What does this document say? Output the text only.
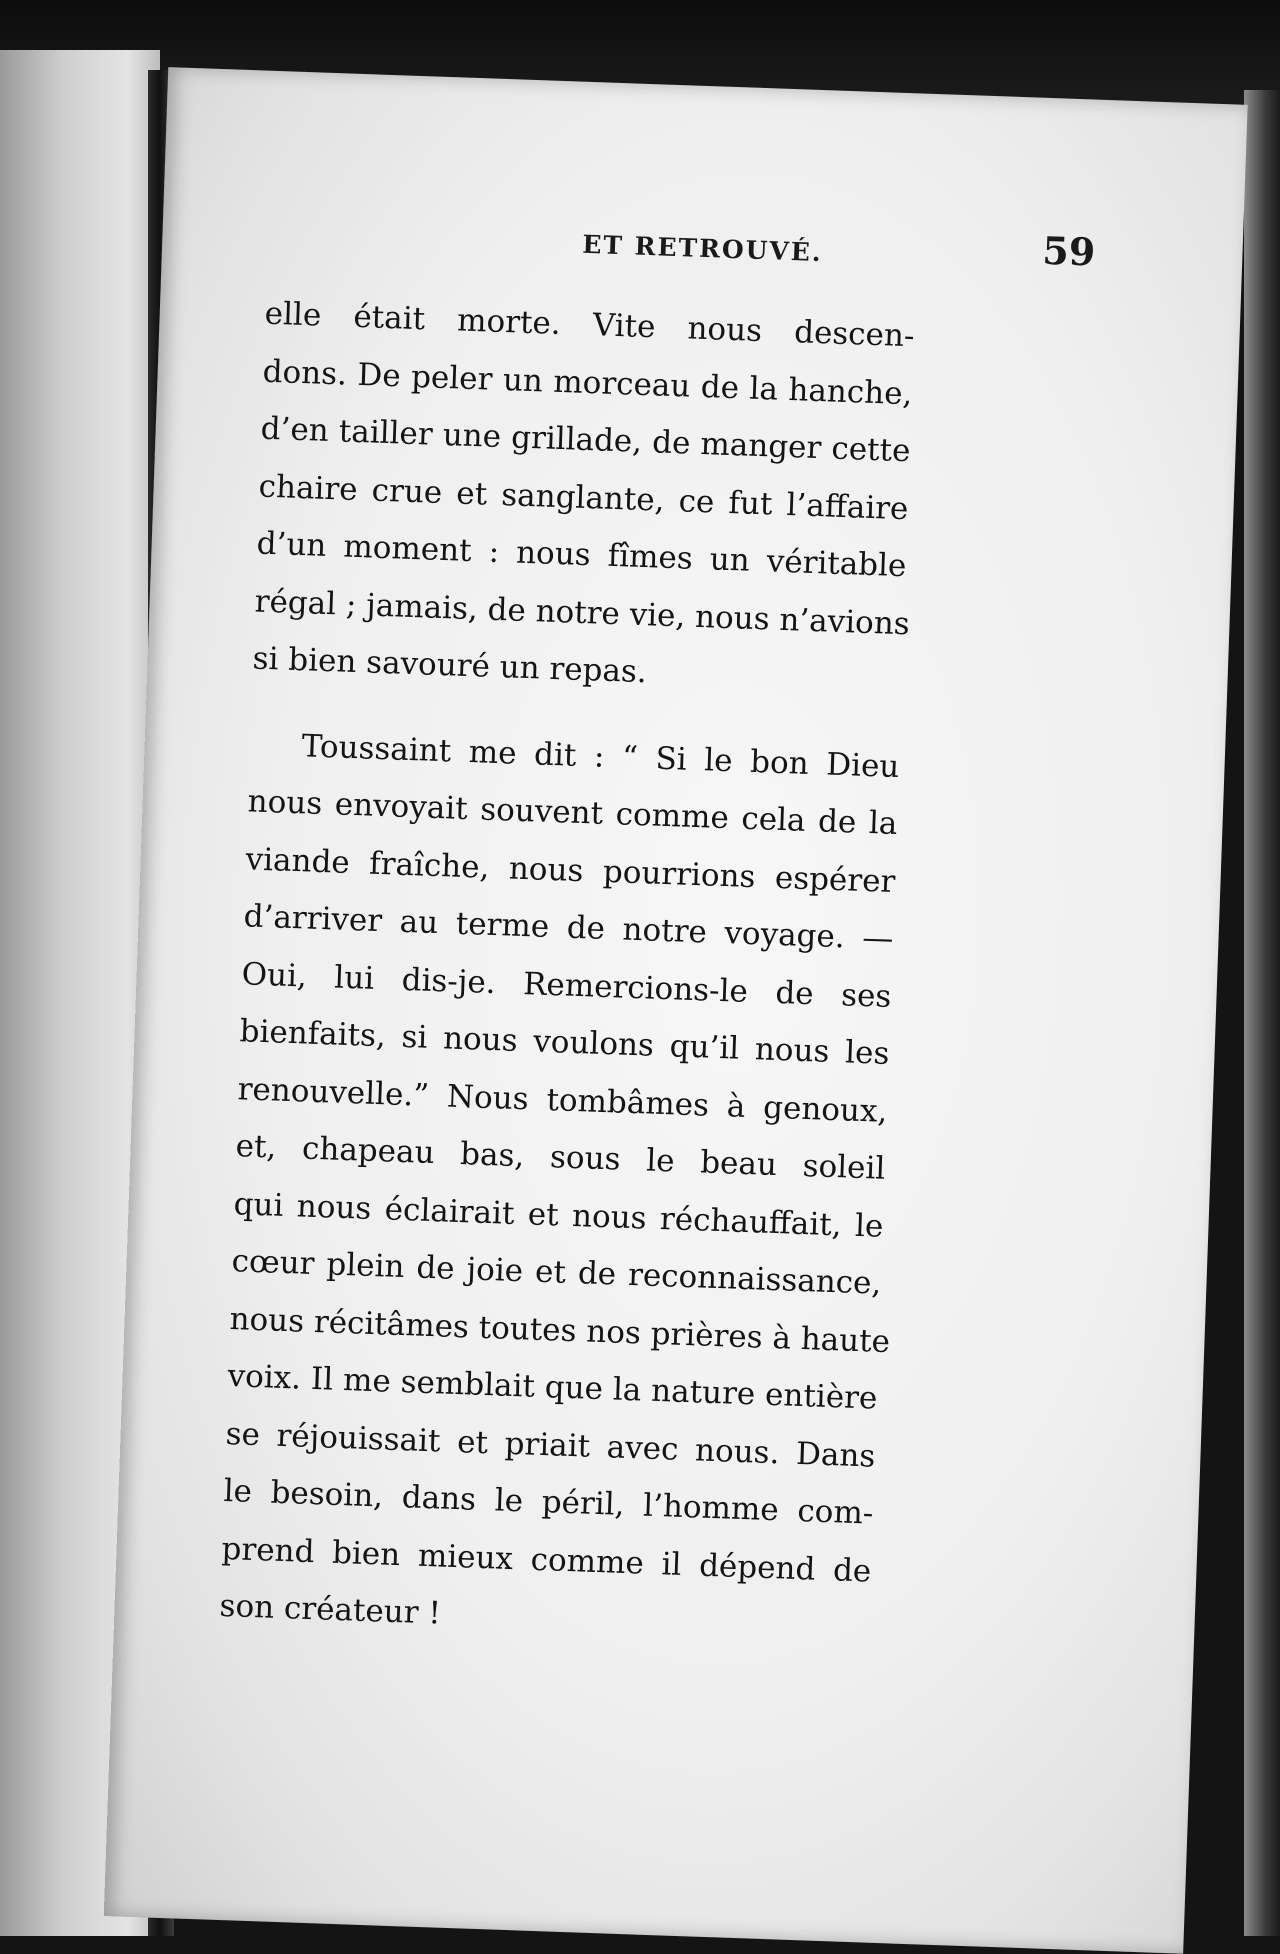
ET RETROUVÉ.	59
elle était morte. Vite nous descen-
dons. De peler un morceau de la hanche,
d’en tailler une grillade, de manger cette
chaire crue et sanglante, ce fut l’affaire
d’un moment : nous fîmes un véritable
régal ; jamais, de notre vie, nous n’avions
si bien savouré un repas.
Toussaint me dit : “ Si le bon Dieu
nous envoyait souvent comme cela de la
viande fraîche, nous pourrions espérer
d’arriver au terme de notre voyage. —
Oui, lui dis-je. Remercions-le de ses
bienfaits, si nous voulons qu’il nous les
renouvelle.” Nous tombâmes à genoux,
et, chapeau bas, sous le beau soleil
qui nous éclairait et nous réchauffait, le
cœur plein de joie et de reconnaissance,
nous récitâmes toutes nos prières à haute
voix. Il me semblait que la nature entière
se réjouissait et priait avec nous. Dans
le besoin, dans le péril, l’homme com-
prend bien mieux comme il dépend de
son créateur !
